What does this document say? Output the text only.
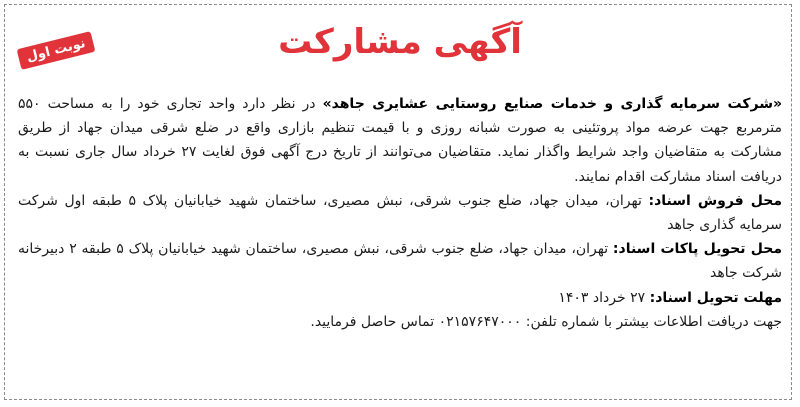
نوبت اول	آگهی مشارکت

«شرکت سرمایه گذاری و خدمات صنایع روستایی عشایری جاهد» در نظر دارد واحد تجاری خود را به مساحت ۵۵۰ مترمربع جهت عرضه مواد پروتئینی به صورت شبانه روزی و با قیمت تنظیم بازاری واقع در ضلع شرقی میدان جهاد از طریق مشارکت به متقاضیان واجد شرایط واگذار نماید. متقاضیان می‌توانند از تاریخ درج آگهی فوق لغایت ۲۷ خرداد سال جاری نسبت به دریافت اسناد مشارکت اقدام نمایند.

محل فروش اسناد: تهران، میدان جهاد، ضلع جنوب شرقی، نبش مصیری، ساختمان شهید خیابانیان پلاک ۵ طبقه اول شرکت سرمایه گذاری جاهد

محل تحویل پاکات اسناد: تهران، میدان جهاد، ضلع جنوب شرقی، نبش مصیری، ساختمان شهید خیابانیان پلاک ۵ طبقه ۲ دبیرخانه شرکت جاهد

مهلت تحویل اسناد: ۲۷ خرداد ۱۴۰۳

جهت دریافت اطلاعات بیشتر با شماره تلفن: ۰۲۱۵۷۶۴۷۰۰۰ تماس حاصل فرمایید.
